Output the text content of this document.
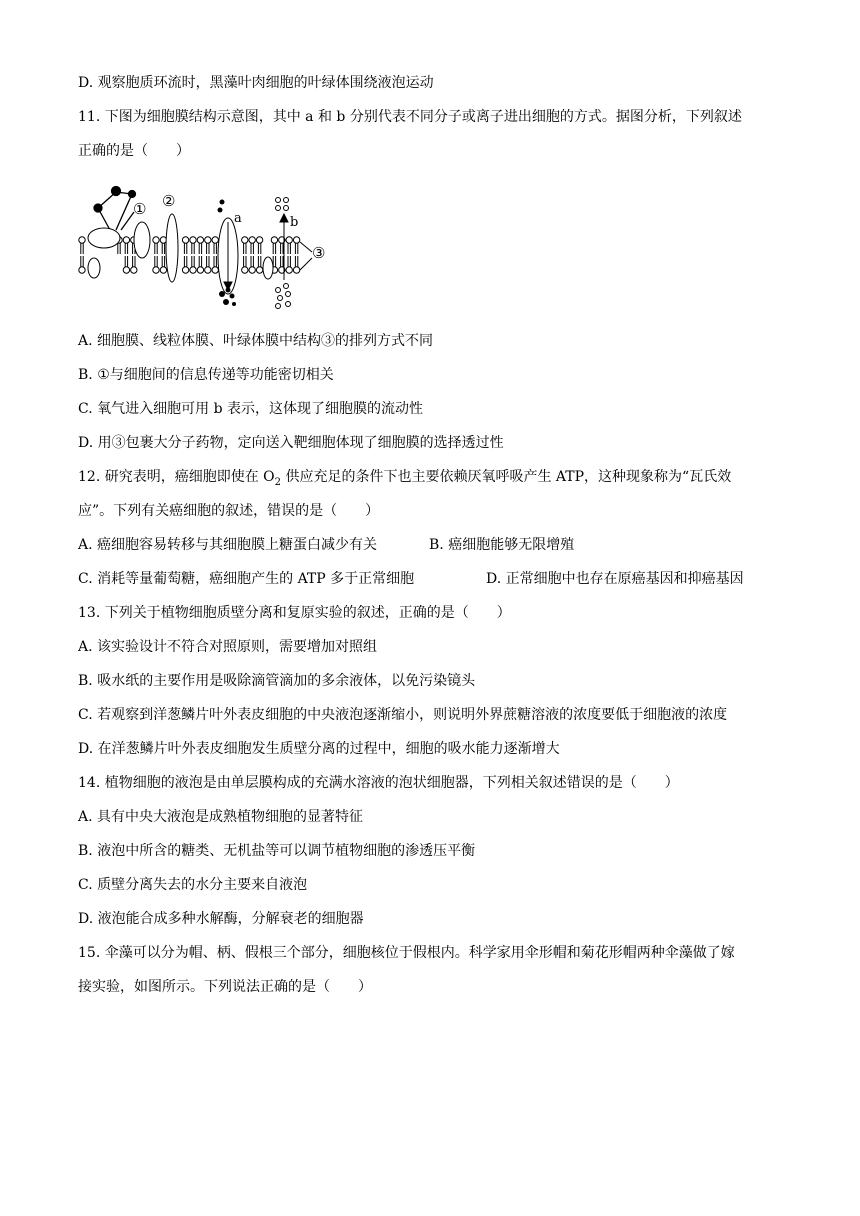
D. 观察胞质环流时，黑藻叶肉细胞的叶绿体围绕液泡运动
11. 下图为细胞膜结构示意图，其中 a 和 b 分别代表不同分子或离子进出细胞的方式。据图分析，下列叙述
正确的是（　　）
① ②
a	b
③
A. 细胞膜、线粒体膜、叶绿体膜中结构③的排列方式不同
B. ①与细胞间的信息传递等功能密切相关
C. 氧气进入细胞可用 b 表示，这体现了细胞膜的流动性
D. 用③包裹大分子药物，定向送入靶细胞体现了细胞膜的选择透过性
12. 研究表明，癌细胞即使在 $O_2$ 供应充足的条件下也主要依赖厌氧呼吸产生 ATP，这种现象称为“瓦氏效
应”。下列有关癌细胞的叙述，错误的是（　　）
A. 癌细胞容易转移与其细胞膜上糖蛋白减少有关	B. 癌细胞能够无限增殖
C. 消耗等量葡萄糖，癌细胞产生的 ATP 多于正常细胞	D. 正常细胞中也存在原癌基因和抑癌基因
13. 下列关于植物细胞质壁分离和复原实验的叙述，正确的是（　　）
A. 该实验设计不符合对照原则，需要增加对照组
B. 吸水纸的主要作用是吸除滴管滴加的多余液体，以免污染镜头
C. 若观察到洋葱鳞片叶外表皮细胞的中央液泡逐渐缩小，则说明外界蔗糖溶液的浓度要低于细胞液的浓度
D. 在洋葱鳞片叶外表皮细胞发生质壁分离的过程中，细胞的吸水能力逐渐增大
14. 植物细胞的液泡是由单层膜构成的充满水溶液的泡状细胞器，下列相关叙述错误的是（　　）
A. 具有中央大液泡是成熟植物细胞的显著特征
B. 液泡中所含的糖类、无机盐等可以调节植物细胞的渗透压平衡
C. 质壁分离失去的水分主要来自液泡
D. 液泡能合成多种水解酶，分解衰老的细胞器
15. 伞藻可以分为帽、柄、假根三个部分，细胞核位于假根内。科学家用伞形帽和菊花形帽两种伞藻做了嫁
接实验，如图所示。下列说法正确的是（　　）
